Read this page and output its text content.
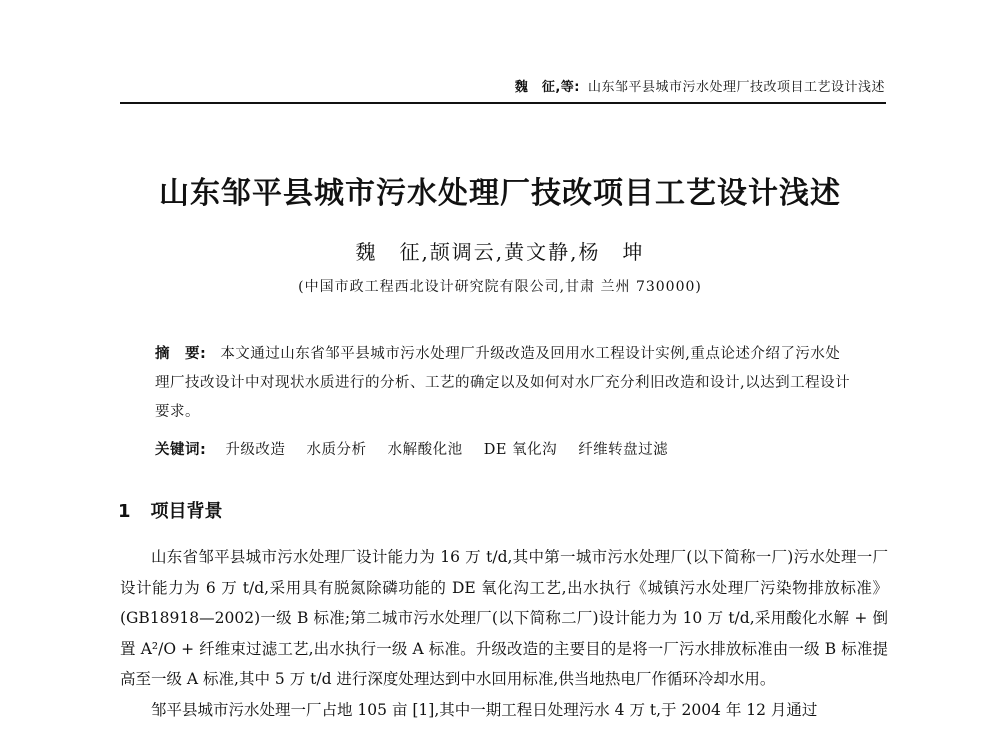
魏　征,等: 山东邹平县城市污水处理厂技改项目工艺设计浅述
山东邹平县城市污水处理厂技改项目工艺设计浅述
魏　征,颉调云,黄文静,杨　坤
(中国市政工程西北设计研究院有限公司,甘肃 兰州 730000)
摘　要: 本文通过山东省邹平县城市污水处理厂升级改造及回用水工程设计实例,重点论述介绍了污水处理厂技改设计中对现状水质进行的分析、工艺的确定以及如何对水厂充分利旧改造和设计,以达到工程设计要求。
关键词: 升级改造 水质分析 水解酸化池 DE 氧化沟 纤维转盘过滤
1 项目背景

山东省邹平县城市污水处理厂设计能力为 16 万 t/d,其中第一城市污水处理厂(以下简称一厂)污水处理一厂设计能力为 6 万 t/d,采用具有脱氮除磷功能的 DE 氧化沟工艺,出水执行《城镇污水处理厂污染物排放标准》(GB18918—2002)一级 B 标准;第二城市污水处理厂(以下简称二厂)设计能力为 10 万 t/d,采用酸化水解 + 倒置 A²/O + 纤维束过滤工艺,出水执行一级 A 标准。升级改造的主要目的是将一厂污水排放标准由一级 B 标准提高至一级 A 标准,其中 5 万 t/d 进行深度处理达到中水回用标准,供当地热电厂作循环冷却水用。

邹平县城市污水处理一厂占地 105 亩 [1],其中一期工程日处理污水 4 万 t,于 2004 年 12 月通过
